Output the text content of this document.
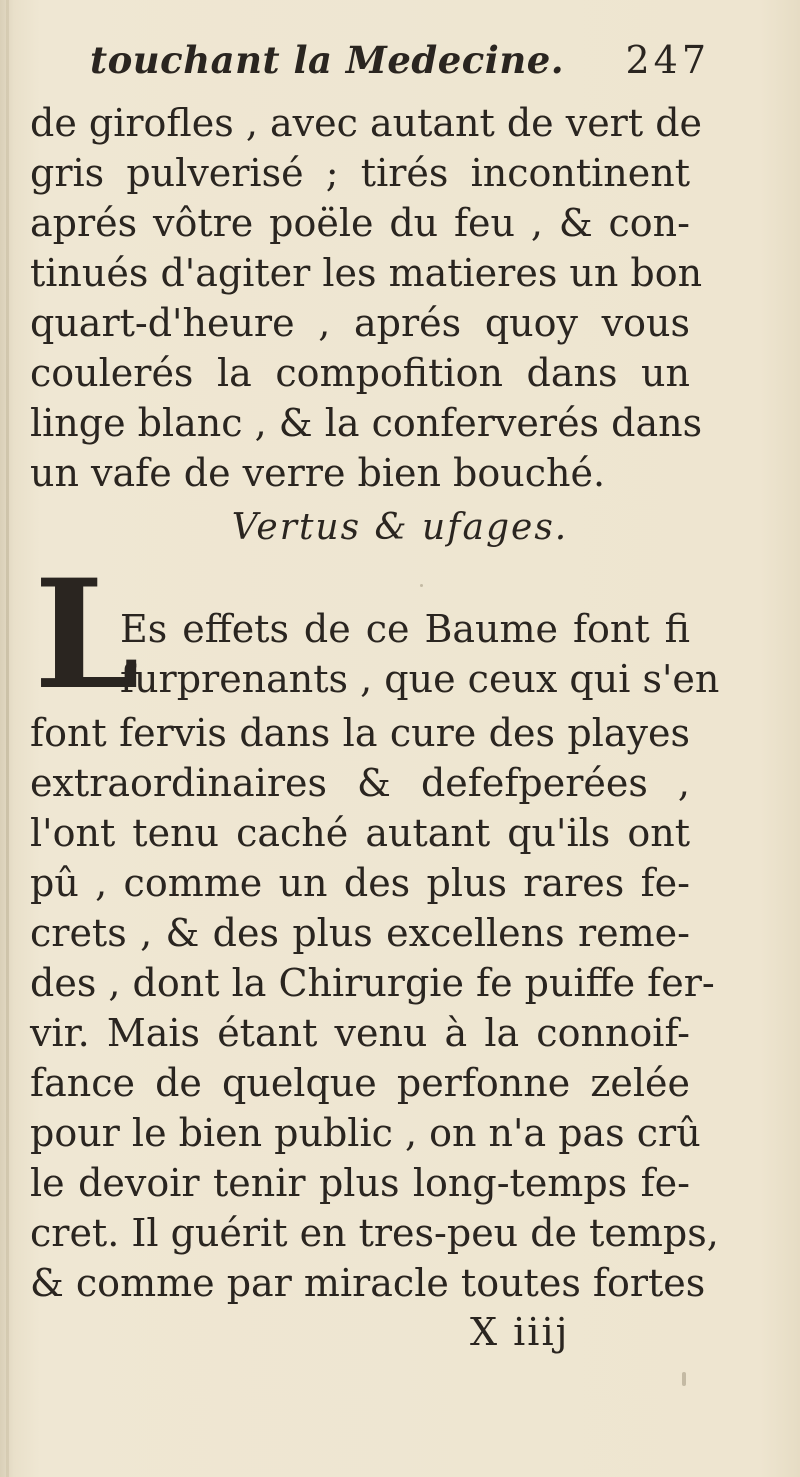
touchant la Medecine. 247
de girofles , avec autant de vert de
gris pulverisé ; tirés incontinent
aprés vôtre poële du feu , & con-
tinués d'agiter les matieres un bon
quart-d'heure , aprés quoy vous
coulerés la compofition dans un
linge blanc , & la conferverés dans
un vafe de verre bien bouché.
Vertus & ufages.
L
Es effets de ce Baume font fi
furprenants , que ceux qui s'en
font fervis dans la cure des playes
extraordinaires & defefperées ,
l'ont tenu caché autant qu'ils ont
pû , comme un des plus rares fe-
crets , & des plus excellens reme-
des , dont la Chirurgie fe puiffe fer-
vir. Mais étant venu à la connoif-
fance de quelque perfonne zelée
pour le bien public , on n'a pas crû
le devoir tenir plus long-temps fe-
cret. Il guérit en tres-peu de temps,
& comme par miracle toutes fortes
X iiij
